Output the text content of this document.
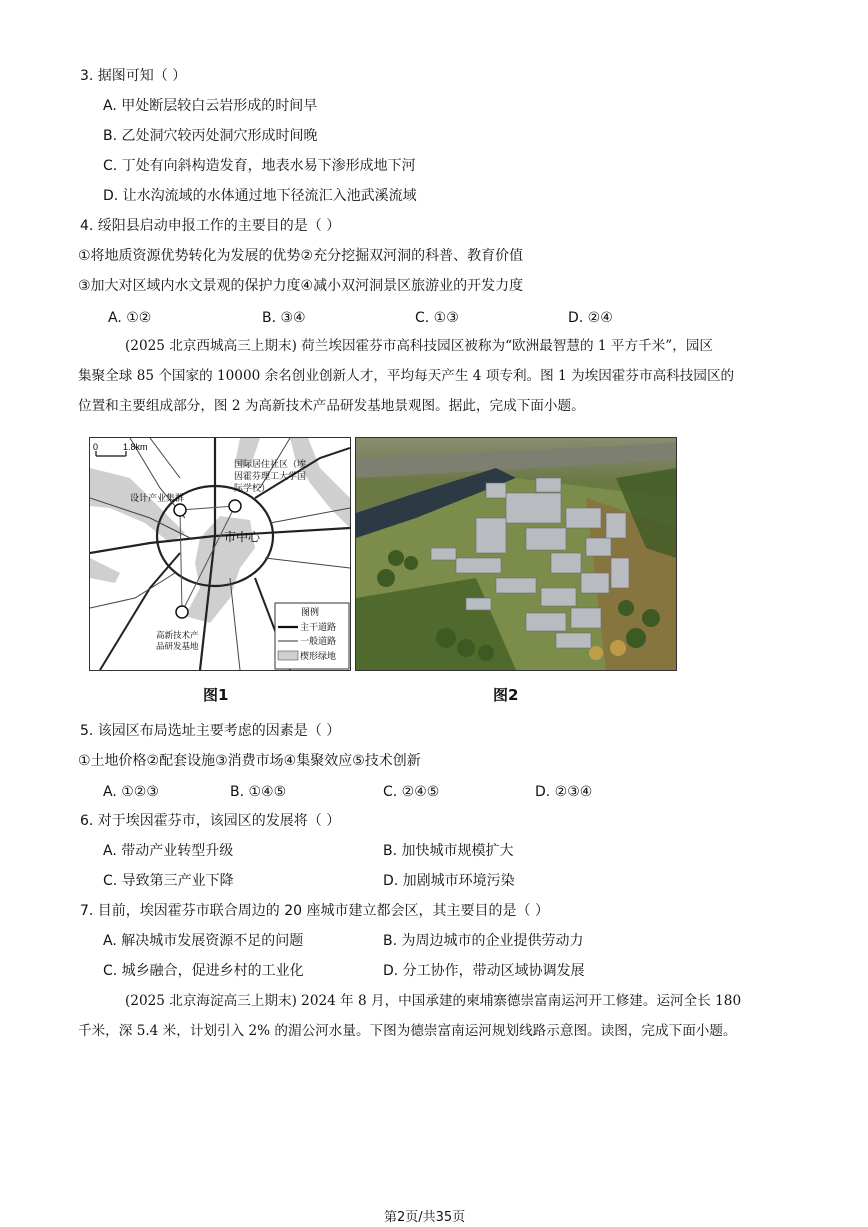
3. 据图可知（ ）
A. 甲处断层较白云岩形成的时间早
B. 乙处洞穴较丙处洞穴形成时间晚
C. 丁处有向斜构造发育，地表水易下渗形成地下河
D. 让水沟流域的水体通过地下径流汇入池武溪流域
4. 绥阳县启动申报工作的主要目的是（ ）
①将地质资源优势转化为发展的优势②充分挖掘双河洞的科普、教育价值
③加大对区域内水文景观的保护力度④减小双河洞景区旅游业的开发力度
A. ①②	B. ③④	C. ①③	D. ②④
(2025 北京西城高三上期末) 荷兰埃因霍芬市高科技园区被称为“欧洲最智慧的 1 平方千米”，园区
集聚全球 85 个国家的 10000 余名创业创新人才，平均每天产生 4 项专利。图 1 为埃因霍芬市高科技园区的
位置和主要组成部分，图 2 为高新技术产品研发基地景观图。据此，完成下面小题。
0	1.8km
国际居住社区（埃
因霍芬理工大学国
际学校）
设计产业集群
市中心
高新技术产
品研发基地
图例
主干道路
一般道路
楔形绿地
图1	图2
5. 该园区布局选址主要考虑的因素是（ ）
①土地价格②配套设施③消费市场④集聚效应⑤技术创新
A. ①②③	B. ①④⑤	C. ②④⑤	D. ②③④
6. 对于埃因霍芬市，该园区的发展将（ ）
A. 带动产业转型升级	B. 加快城市规模扩大
C. 导致第三产业下降	D. 加剧城市环境污染
7. 目前，埃因霍芬市联合周边的 20 座城市建立都会区，其主要目的是（ ）
A. 解决城市发展资源不足的问题	B. 为周边城市的企业提供劳动力
C. 城乡融合，促进乡村的工业化	D. 分工协作，带动区域协调发展
(2025 北京海淀高三上期末) 2024 年 8 月，中国承建的柬埔寨德崇富南运河开工修建。运河全长 180
千米，深 5.4 米，计划引入 2% 的湄公河水量。下图为德崇富南运河规划线路示意图。读图，完成下面小题。
第2页/共35页
